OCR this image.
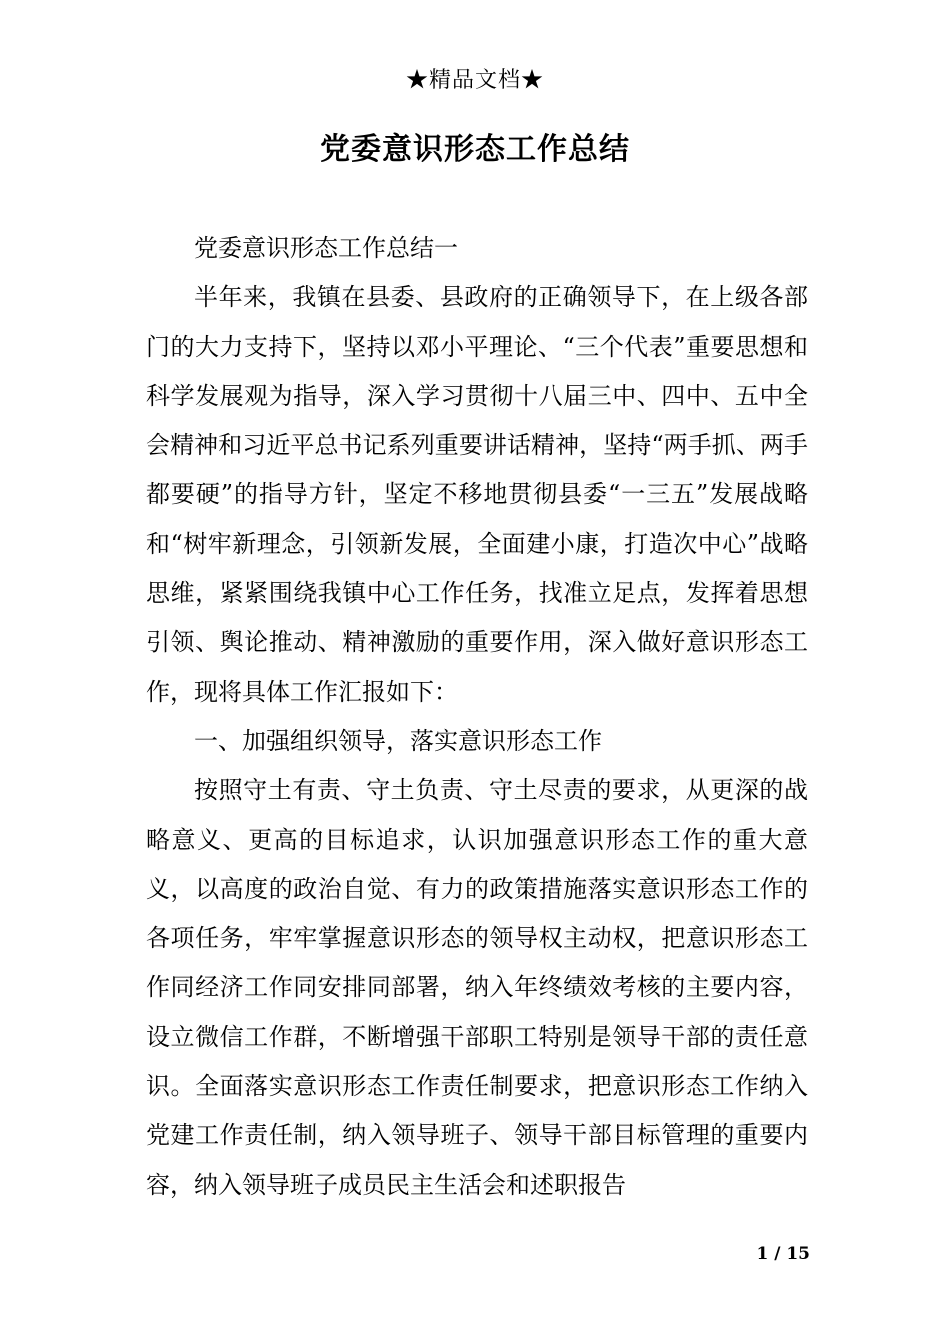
★精品文档★
党委意识形态工作总结

党委意识形态工作总结一

半年来，我镇在县委、县政府的正确领导下，在上级各部门的大力支持下，坚持以邓小平理论、“三个代表”重要思想和科学发展观为指导，深入学习贯彻十八届三中、四中、五中全会精神和习近平总书记系列重要讲话精神，坚持“两手抓、两手都要硬”的指导方针，坚定不移地贯彻县委“一三五”发展战略和“树牢新理念，引领新发展，全面建小康，打造次中心”战略思维，紧紧围绕我镇中心工作任务，找准立足点，发挥着思想引领、舆论推动、精神激励的重要作用，深入做好意识形态工作，现将具体工作汇报如下：

一、加强组织领导，落实意识形态工作

按照守土有责、守土负责、守土尽责的要求，从更深的战略意义、更高的目标追求，认识加强意识形态工作的重大意义，以高度的政治自觉、有力的政策措施落实意识形态工作的各项任务，牢牢掌握意识形态的领导权主动权，把意识形态工作同经济工作同安排同部署，纳入年终绩效考核的主要内容，设立微信工作群，不断增强干部职工特别是领导干部的责任意识。全面落实意识形态工作责任制要求，把意识形态工作纳入党建工作责任制，纳入领导班子、领导干部目标管理的重要内容，纳入领导班子成员民主生活会和述职报告

1 / 15
